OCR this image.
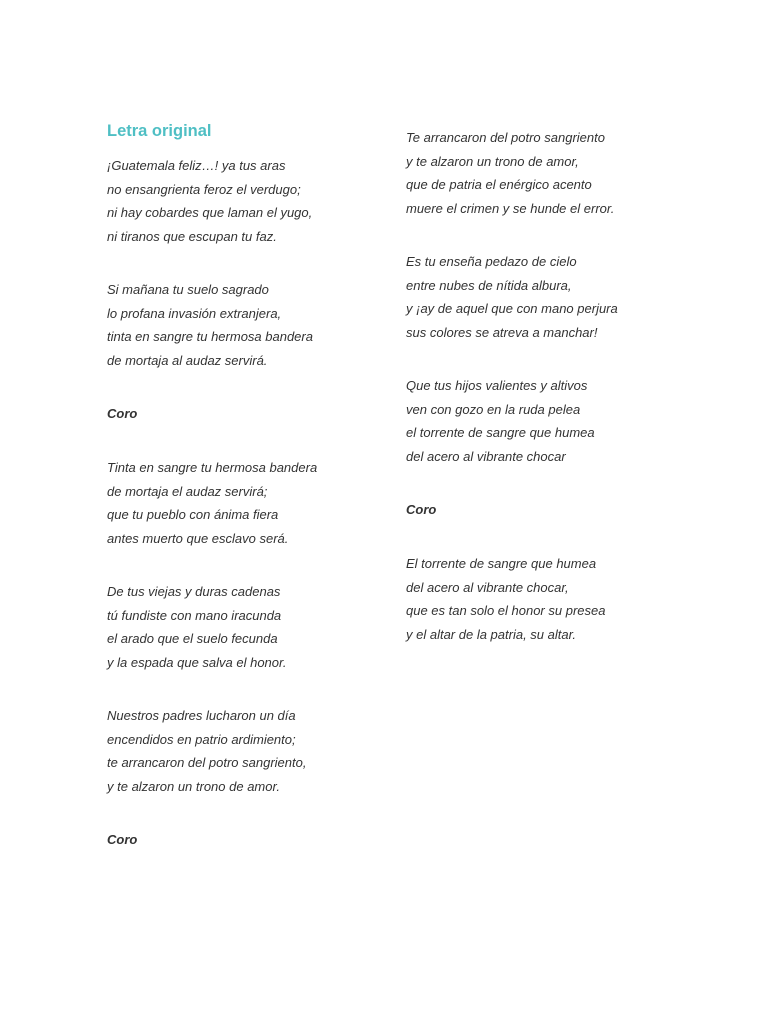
Letra original
¡Guatemala feliz…! ya tus aras
no ensangrienta feroz el verdugo;
ni hay cobardes que laman el yugo,
ni tiranos que escupan tu faz.
Si mañana tu suelo sagrado
lo profana invasión extranjera,
tinta en sangre tu hermosa bandera
de mortaja al audaz servirá.
Coro
Tinta en sangre tu hermosa bandera
de mortaja el audaz servirá;
que tu pueblo con ánima fiera
antes muerto que esclavo será.
De tus viejas y duras cadenas
tú fundiste con mano iracunda
el arado que el suelo fecunda
y la espada que salva el honor.
Nuestros padres lucharon un día
encendidos en patrio ardimiento;
te arrancaron del potro sangriento,
y te alzaron un trono de amor.
Coro
Te arrancaron del potro sangriento
y te alzaron un trono de amor,
que de patria el enérgico acento
muere el crimen y se hunde el error.
Es tu enseña pedazo de cielo
entre nubes de nítida albura,
y ¡ay de aquel que con mano perjura
sus colores se atreva a manchar!
Que tus hijos valientes y altivos
ven con gozo en la ruda pelea
el torrente de sangre que humea
del acero al vibrante chocar
Coro
El torrente de sangre que humea
del acero al vibrante chocar,
que es tan solo el honor su presea
y el altar de la patria, su altar.
